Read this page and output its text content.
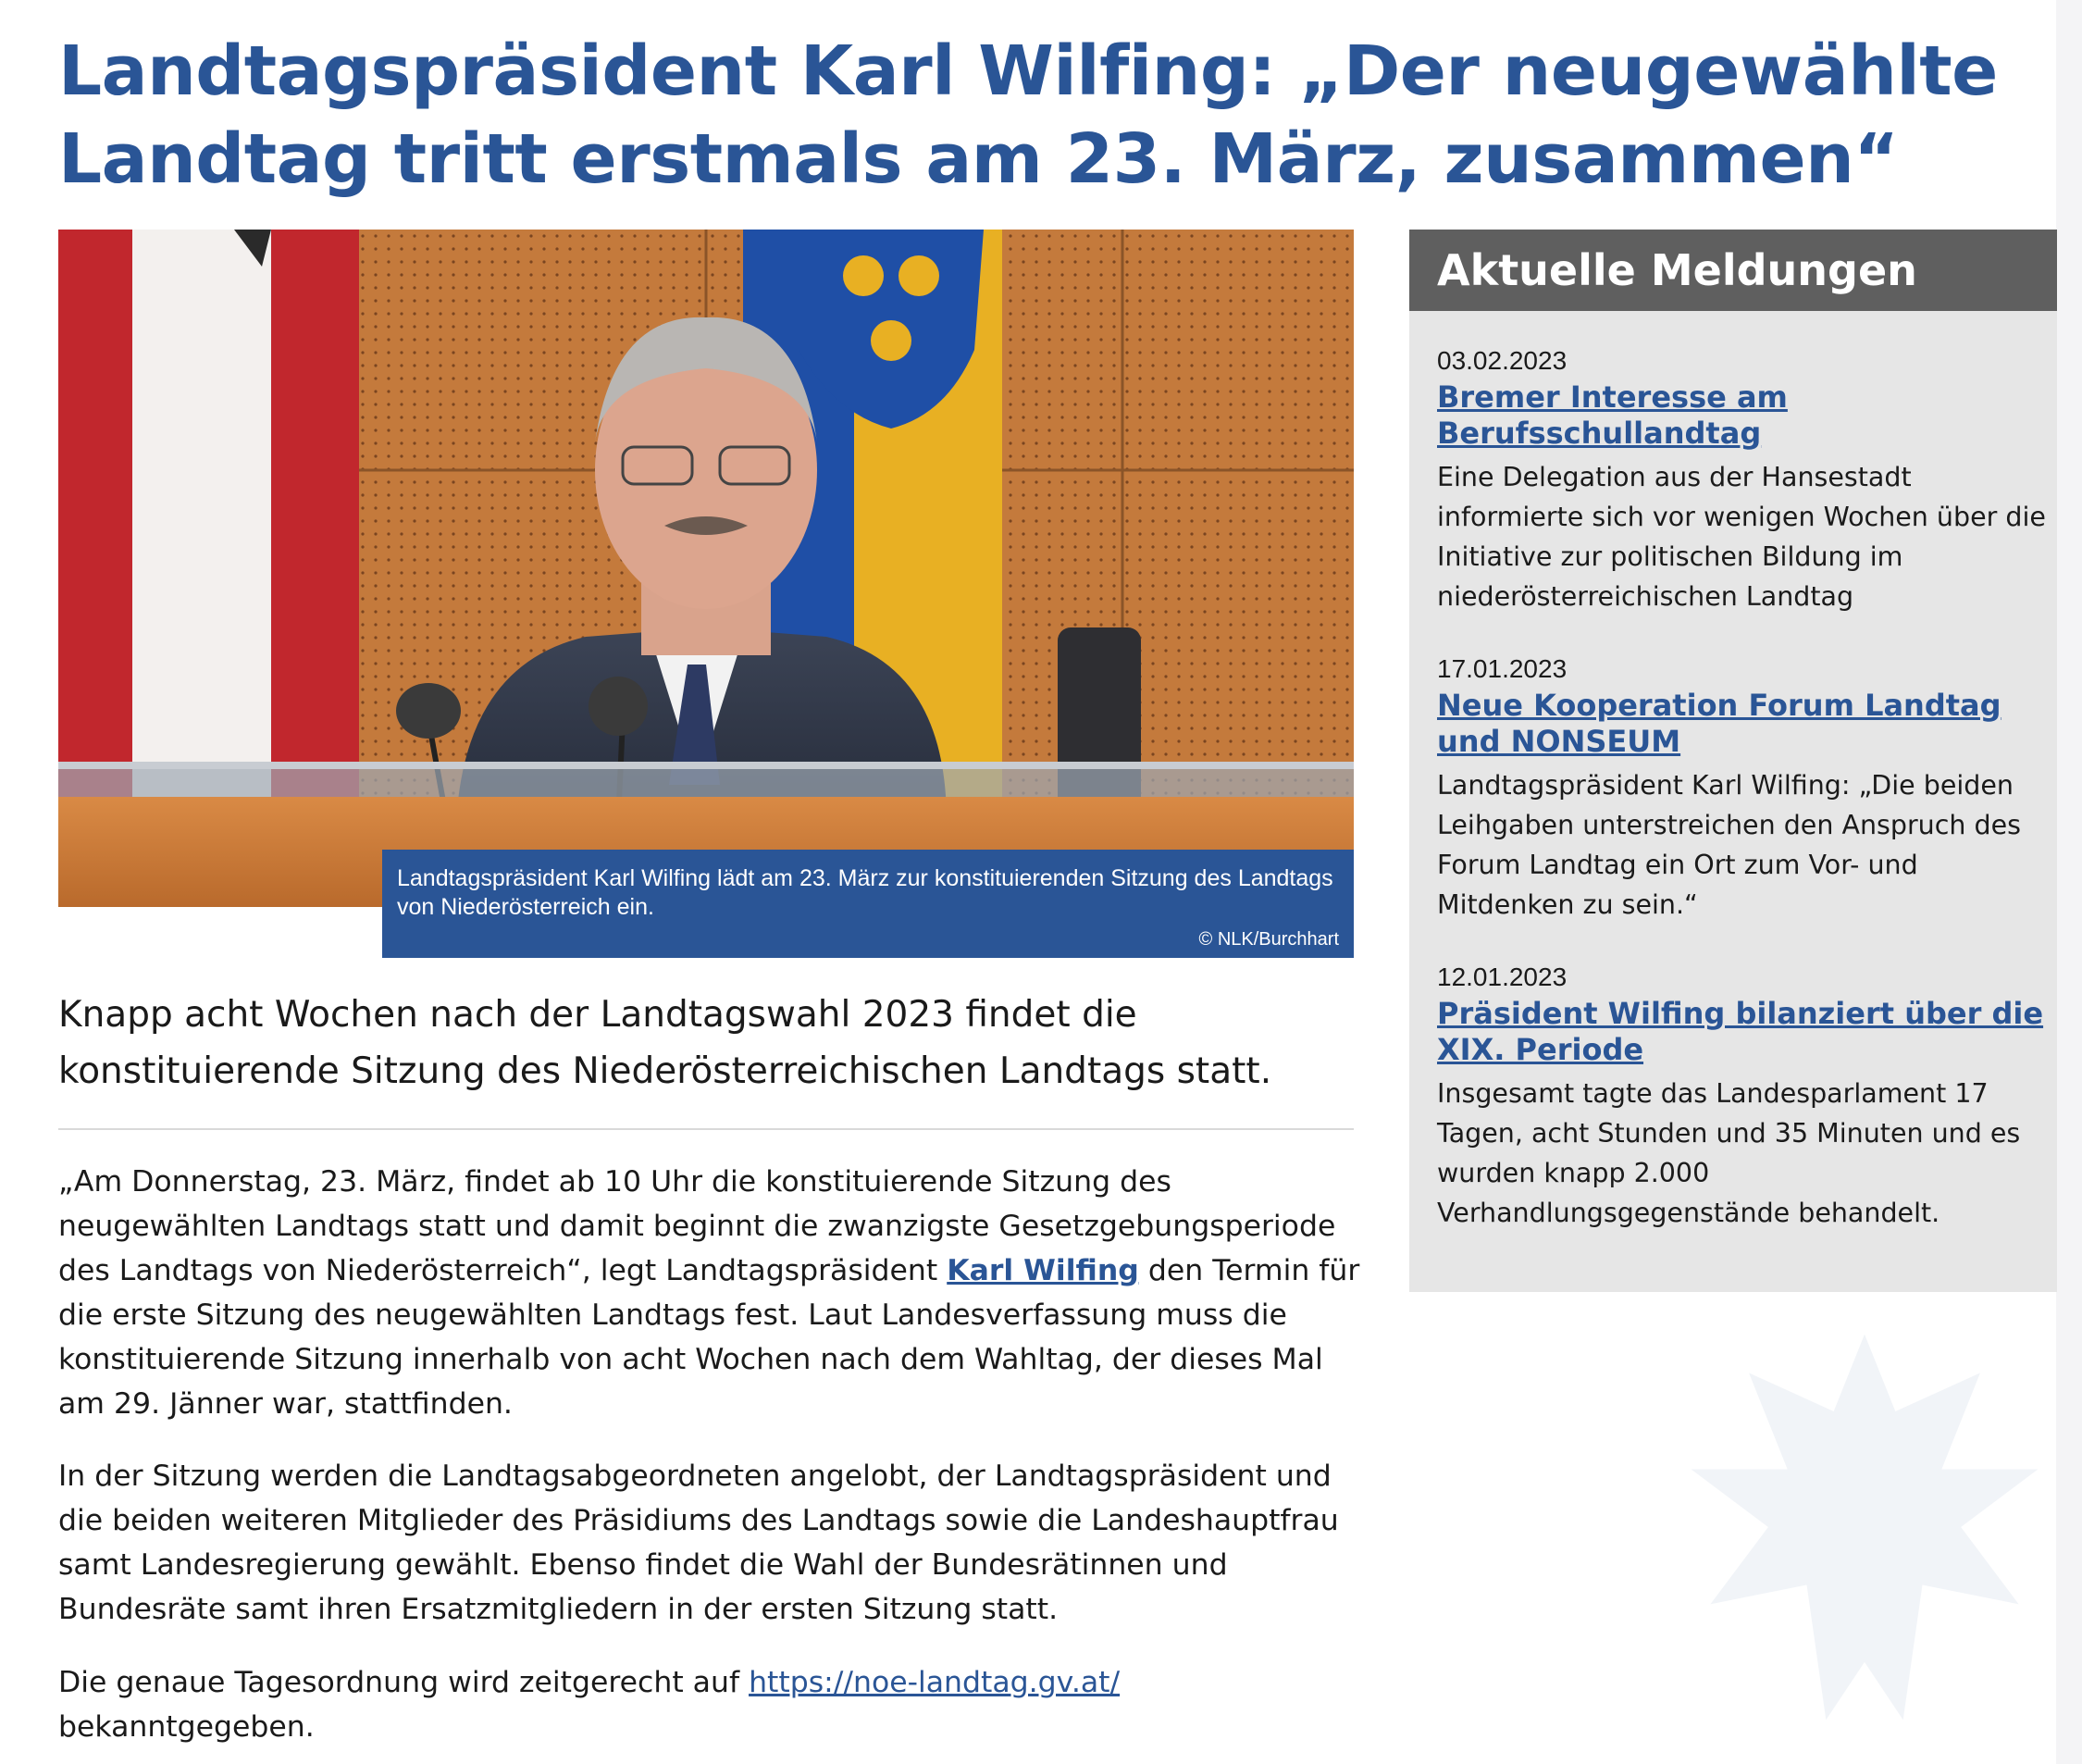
Landtagspräsident Karl Wilfing: „Der neugewählte Landtag tritt erstmals am 23. März, zusammen“
Landtagspräsident Karl Wilfing lädt am 23. März zur konstituierenden Sitzung des Landtags von Niederösterreich ein.
© NLK/Burchhart

Knapp acht Wochen nach der Landtagswahl 2023 findet die konstituierende Sitzung des Niederösterreichischen Landtags statt.

„Am Donnerstag, 23. März, findet ab 10 Uhr die konstituierende Sitzung des neugewählten Landtags statt und damit beginnt die zwanzigste Gesetzgebungsperiode des Landtags von Niederösterreich“, legt Landtagspräsident Karl Wilfing den Termin für die erste Sitzung des neugewählten Landtags fest. Laut Landesverfassung muss die konstituierende Sitzung innerhalb von acht Wochen nach dem Wahltag, der dieses Mal am 29. Jänner war, stattfinden.

In der Sitzung werden die Landtagsabgeordneten angelobt, der Landtagspräsident und die beiden weiteren Mitglieder des Präsidiums des Landtags sowie die Landeshauptfrau samt Landesregierung gewählt. Ebenso findet die Wahl der Bundesrätinnen und Bundesräte samt ihren Ersatzmitgliedern in der ersten Sitzung statt.

Die genaue Tagesordnung wird zeitgerecht auf https://noe-landtag.gv.at/
bekanntgegeben.

Aktuelle Meldungen
03.02.2023
Bremer Interesse am Berufsschullandtag
Eine Delegation aus der Hansestadt informierte sich vor wenigen Wochen über die Initiative zur politischen Bildung im niederösterreichischen Landtag
17.01.2023
Neue Kooperation Forum Landtag und NONSEUM
Landtagspräsident Karl Wilfing: „Die beiden Leihgaben unterstreichen den Anspruch des Forum Landtag ein Ort zum Vor- und Mitdenken zu sein.“
12.01.2023
Präsident Wilfing bilanziert über die XIX. Periode
Insgesamt tagte das Landesparlament 17 Tagen, acht Stunden und 35 Minuten und es wurden knapp 2.000 Verhandlungsgegenstände behandelt.
